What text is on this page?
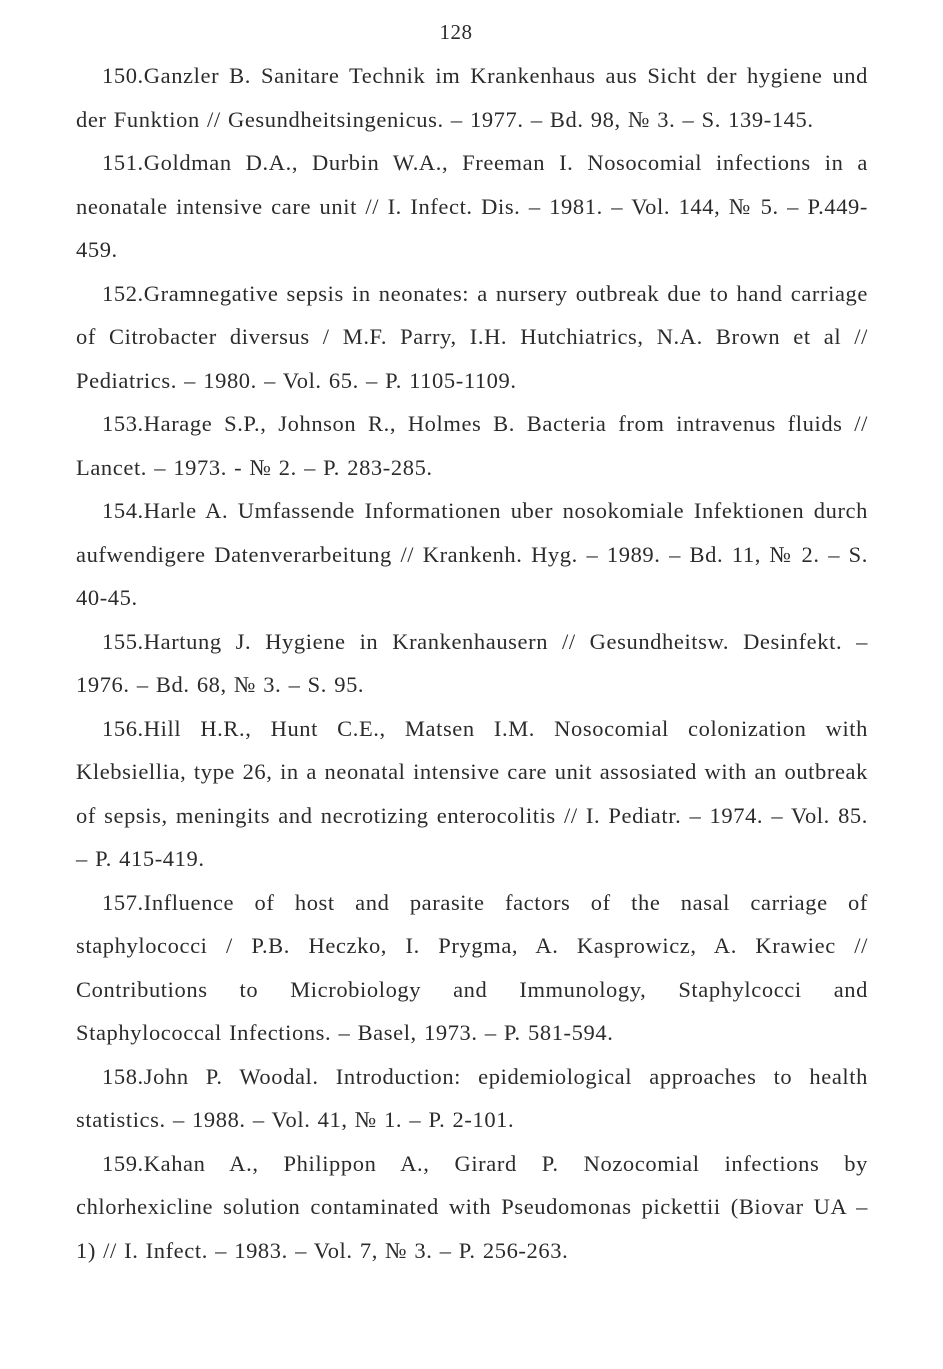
128

150.Ganzler B. Sanitare Technik im Krankenhaus aus Sicht der hygiene und der Funktion // Gesundheitsingenicus. – 1977. – Bd. 98, № 3. – S. 139-145.

151.Goldman D.A., Durbin W.A., Freeman I. Nosocomial infections in a neonatale intensive care unit // I. Infect. Dis. – 1981. – Vol. 144, № 5. – P.449-459.

152.Gramnegative sepsis in neonates: a nursery outbreak due to hand carriage of Citrobacter diversus / M.F. Parry, I.H. Hutchiatrics, N.A. Brown et al // Pediatrics. – 1980. – Vol. 65. – P. 1105-1109.

153.Harage S.P., Johnson R., Holmes B. Bacteria from intravenus fluids // Lancet. – 1973. - № 2. – P. 283-285.

154.Harle A. Umfassende Informationen uber nosokomiale Infektionen durch aufwendigere Datenverarbeitung // Krankenh. Hyg. – 1989. – Bd. 11, № 2. – S. 40-45.

155.Hartung J. Hygiene in Krankenhausern // Gesundheitsw. Desinfekt. – 1976. – Bd. 68, № 3. – S. 95.

156.Hill H.R., Hunt C.E., Matsen I.M. Nosocomial colonization with Klebsiellia, type 26, in a neonatal intensive care unit assosiated with an outbreak of sepsis, meningits and necrotizing enterocolitis // I. Pediatr. – 1974. – Vol. 85. – P. 415-419.

157.Influence of host and parasite factors of the nasal carriage of staphylococci / P.B. Heczko, I. Prygma, A. Kasprowicz, A. Krawiec // Contributions to Microbiology and Immunology, Staphylcocci and Staphylococcal Infections. – Basel, 1973. – P. 581-594.

158.John P. Woodal. Introduction: epidemiological approaches to health statistics. – 1988. – Vol. 41, № 1. – P. 2-101.

159.Kahan A., Philippon A., Girard P. Nozocomial infections by chlorhexicline solution contaminated with Pseudomonas pickettii (Biovar UA – 1) // I. Infect. – 1983. – Vol. 7, № 3. – P. 256-263.
